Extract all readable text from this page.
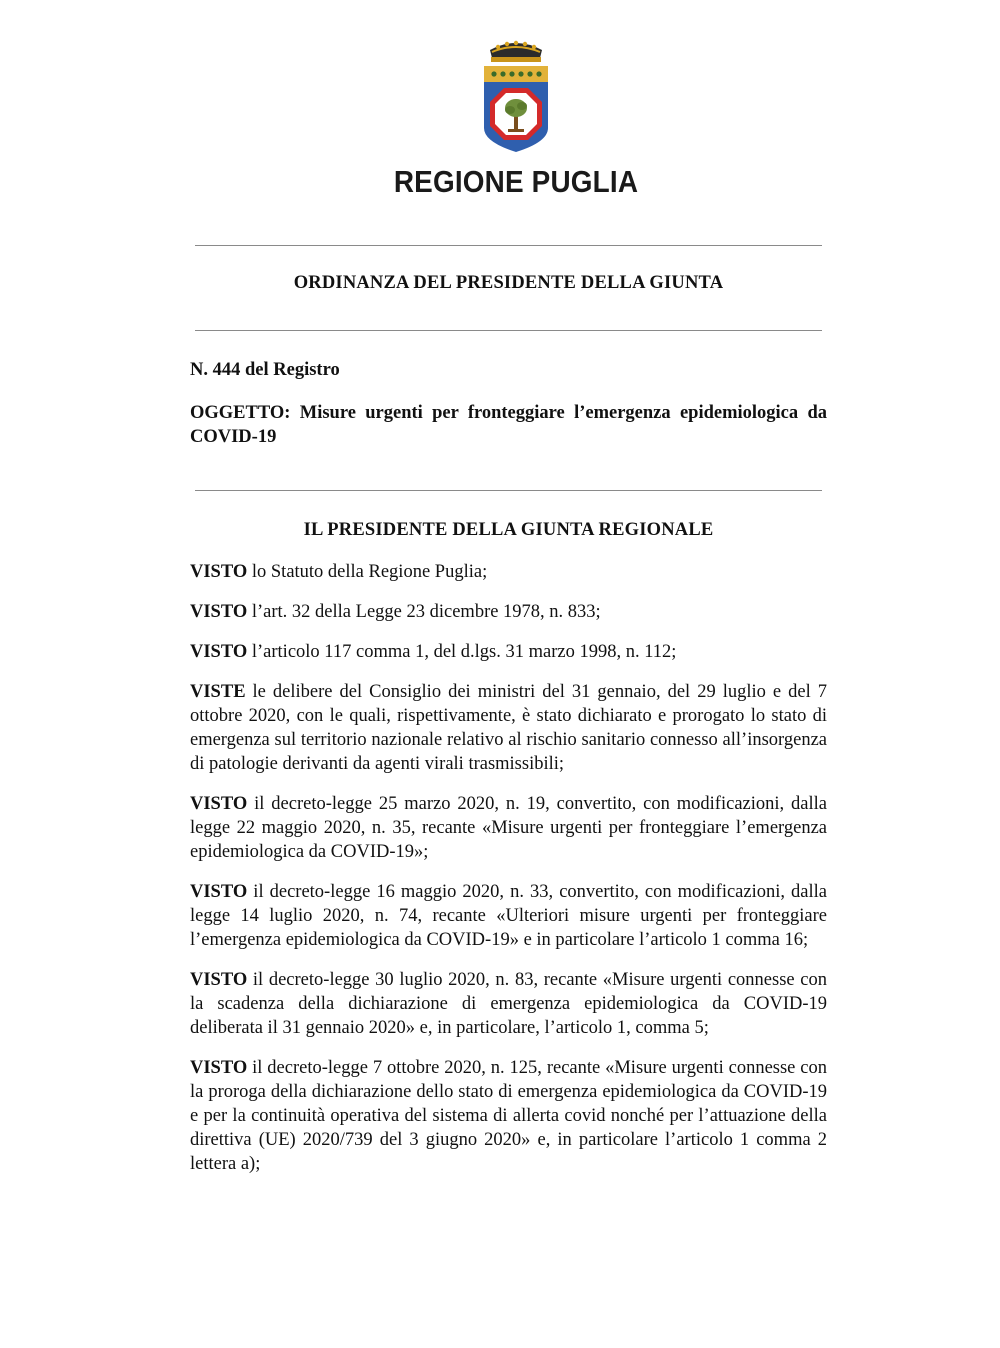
REGIONE PUGLIA
ORDINANZA DEL PRESIDENTE DELLA GIUNTA

N. 444 del Registro

OGGETTO: Misure urgenti per fronteggiare l’emergenza epidemiologica da COVID-19

IL PRESIDENTE DELLA GIUNTA REGIONALE

VISTO lo Statuto della Regione Puglia;

VISTO l’art. 32 della Legge 23 dicembre 1978, n. 833;

VISTO l’articolo 117 comma 1, del d.lgs. 31 marzo 1998, n. 112;

VISTE le delibere del Consiglio dei ministri del 31 gennaio, del 29 luglio e del 7 ottobre 2020, con le quali, rispettivamente, è stato dichiarato e prorogato lo stato di emergenza sul territorio nazionale relativo al rischio sanitario connesso all’insorgenza di patologie derivanti da agenti virali trasmissibili;

VISTO il decreto-legge 25 marzo 2020, n. 19, convertito, con modificazioni, dalla legge 22 maggio 2020, n. 35, recante «Misure urgenti per fronteggiare l’emergenza epidemiologica da COVID-19»;

VISTO il decreto-legge 16 maggio 2020, n. 33, convertito, con modificazioni, dalla legge 14 luglio 2020, n. 74, recante «Ulteriori misure urgenti per fronteggiare l’emergenza epidemiologica da COVID-19» e in particolare l’articolo 1 comma 16;

VISTO il decreto-legge 30 luglio 2020, n. 83, recante «Misure urgenti connesse con la scadenza della dichiarazione di emergenza epidemiologica da COVID-19 deliberata il 31 gennaio 2020» e, in particolare, l’articolo 1, comma 5;

VISTO il decreto-legge 7 ottobre 2020, n. 125, recante «Misure urgenti connesse con la proroga della dichiarazione dello stato di emergenza epidemiologica da COVID-19 e per la continuità operativa del sistema di allerta covid nonché per l’attuazione della direttiva (UE) 2020/739 del 3 giugno 2020» e, in particolare l’articolo 1 comma 2 lettera a);
